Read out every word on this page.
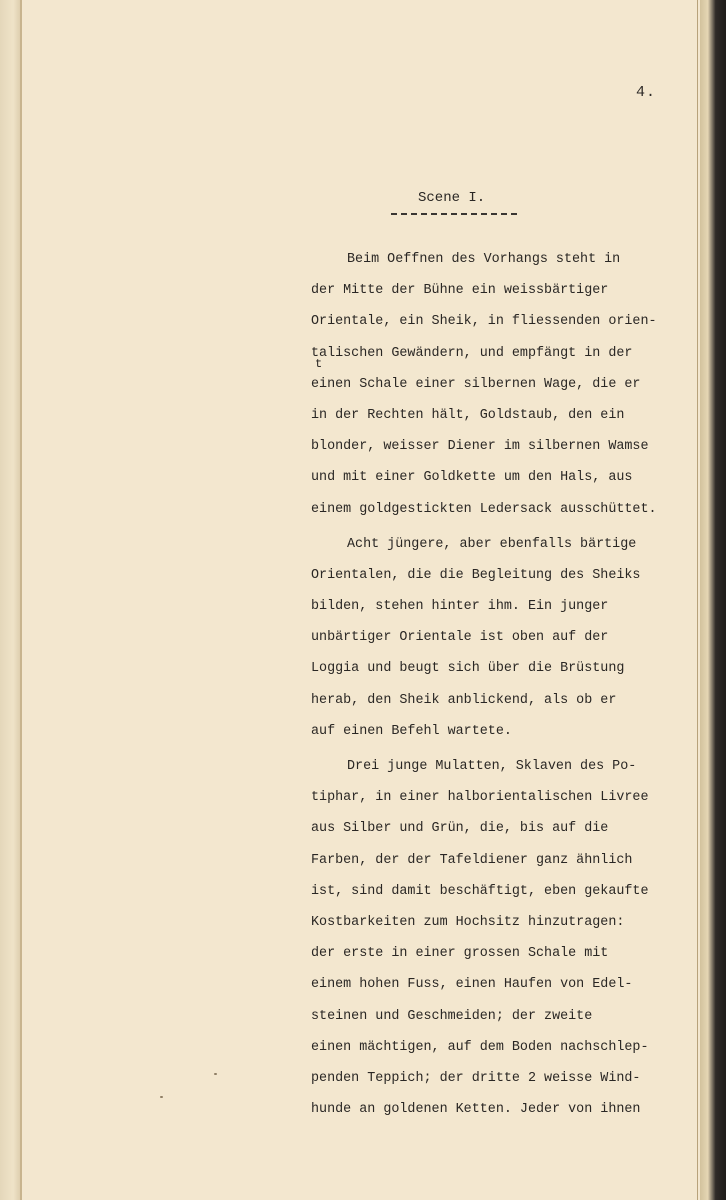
4.
Scene I.
t
Beim Oeffnen des Vorhangs steht in
der Mitte der Bühne ein weissbärtiger
Orientale, ein Sheik, in fliessenden orien-
talischen Gewändern, und empfängt in der
einen Schale einer silbernen Wage, die er
in der Rechten hält, Goldstaub, den ein
blonder, weisser Diener im silbernen Wamse
und mit einer Goldkette um den Hals, aus
einem goldgestickten Ledersack ausschüttet.
Acht jüngere, aber ebenfalls bärtige
Orientalen, die die Begleitung des Sheiks
bilden, stehen hinter ihm. Ein junger
unbärtiger Orientale ist oben auf der
Loggia und beugt sich über die Brüstung
herab, den Sheik anblickend, als ob er
auf einen Befehl wartete.
Drei junge Mulatten, Sklaven des Po-
tiphar, in einer halborientalischen Livree
aus Silber und Grün, die, bis auf die
Farben, der der Tafeldiener ganz ähnlich
ist, sind damit beschäftigt, eben gekaufte
Kostbarkeiten zum Hochsitz hinzutragen:
der erste in einer grossen Schale mit
einem hohen Fuss, einen Haufen von Edel-
steinen und Geschmeiden; der zweite
einen mächtigen, auf dem Boden nachschlep-
penden Teppich; der dritte 2 weisse Wind-
hunde an goldenen Ketten. Jeder von ihnen
